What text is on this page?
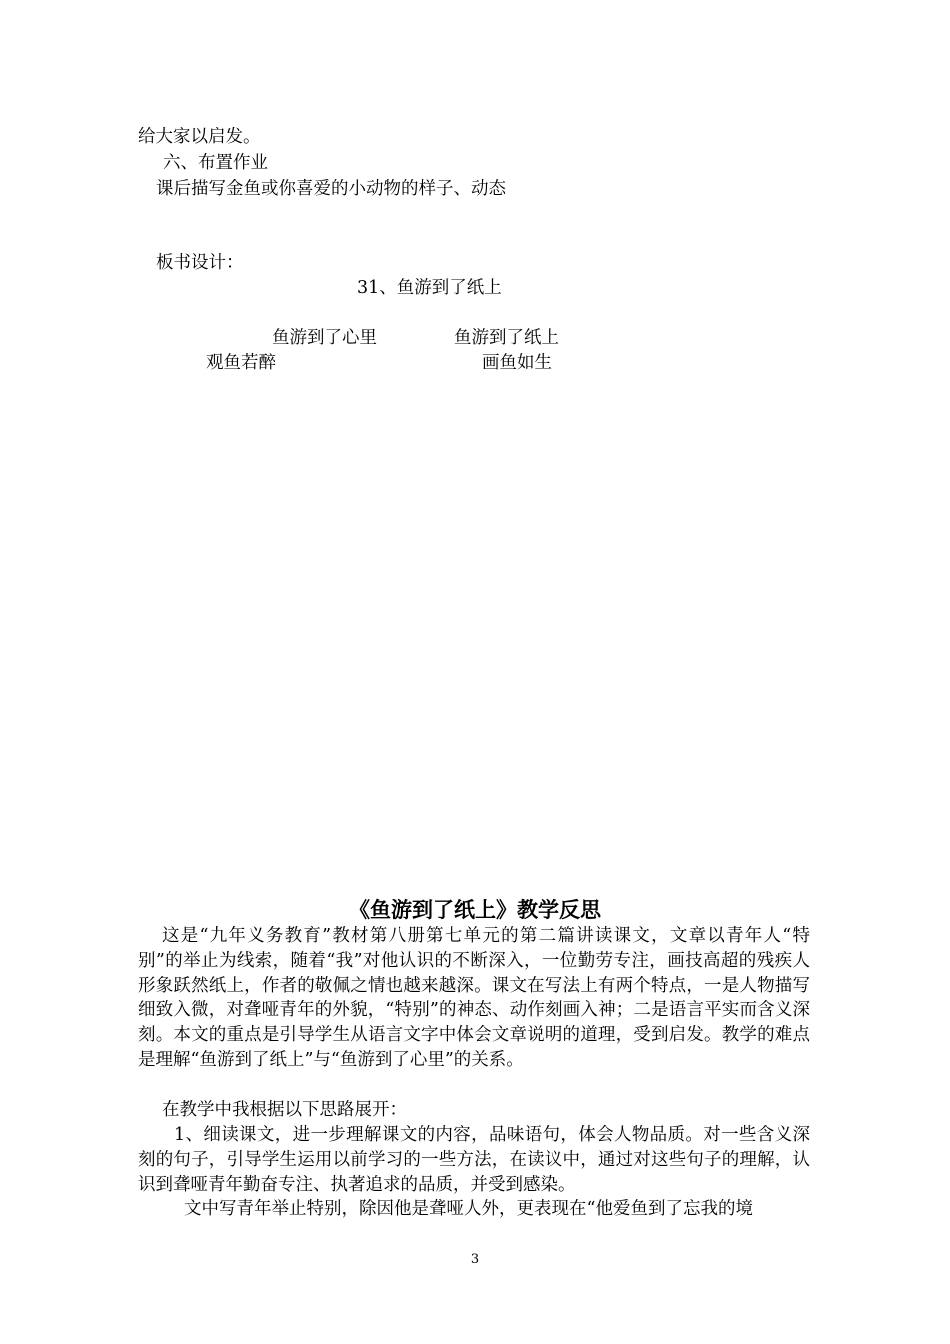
给大家以启发。
六、布置作业
课后描写金鱼或你喜爱的小动物的样子、动态
板书设计：
31、鱼游到了纸上
鱼游到了心里	鱼游到了纸上
观鱼若醉	画鱼如生
《鱼游到了纸上》教学反思
这是“九年义务教育”教材第八册第七单元的第二篇讲读课文，文章以青年人“特别”的举止为线索，随着“我”对他认识的不断深入，一位勤劳专注，画技高超的残疾人形象跃然纸上，作者的敬佩之情也越来越深。课文在写法上有两个特点，一是人物描写细致入微，对聋哑青年的外貌，“特别”的神态、动作刻画入神；二是语言平实而含义深刻。本文的重点是引导学生从语言文字中体会文章说明的道理，受到启发。教学的难点是理解“鱼游到了纸上”与“鱼游到了心里”的关系。
在教学中我根据以下思路展开：
1、细读课文，进一步理解课文的内容，品味语句，体会人物品质。对一些含义深刻的句子，引导学生运用以前学习的一些方法，在读议中，通过对这些句子的理解，认识到聋哑青年勤奋专注、执著追求的品质，并受到感染。
文中写青年举止特别，除因他是聋哑人外，更表现在“他爱鱼到了忘我的境
3
